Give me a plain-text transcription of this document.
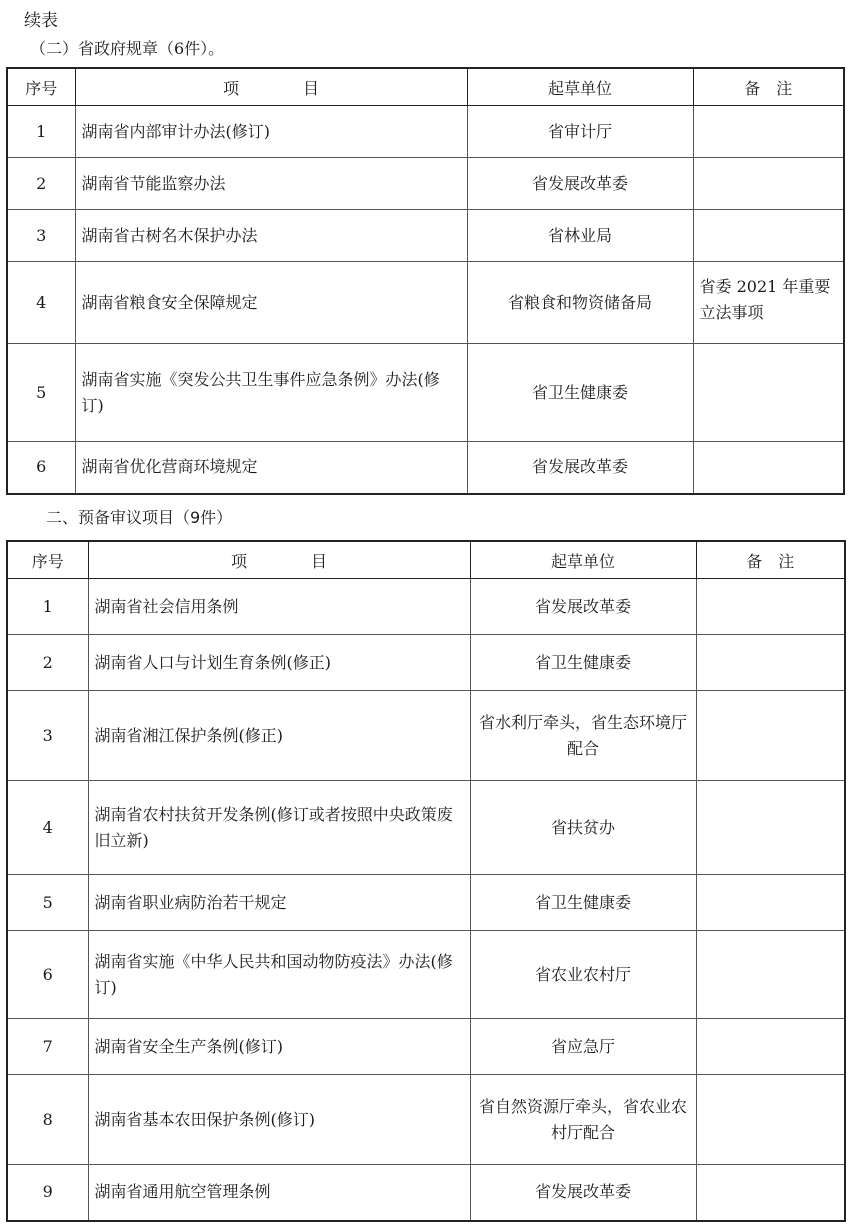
续表
（二）省政府规章（6件）。
序号	项　　　　目	起草单位	备　注
1	湖南省内部审计办法(修订)	省审计厅	
2	湖南省节能监察办法	省发展改革委	
3	湖南省古树名木保护办法	省林业局	
4	湖南省粮食安全保障规定	省粮食和物资储备局	省委 2021 年重要立法事项
5	湖南省实施《突发公共卫生事件应急条例》办法(修订)	省卫生健康委	
6	湖南省优化营商环境规定	省发展改革委	
二、预备审议项目（9件）
序号	项　　　　目	起草单位	备　注
1	湖南省社会信用条例	省发展改革委	
2	湖南省人口与计划生育条例(修正)	省卫生健康委	
3	湖南省湘江保护条例(修正)	省水利厅牵头，省生态环境厅配合	
4	湖南省农村扶贫开发条例(修订或者按照中央政策废旧立新)	省扶贫办	
5	湖南省职业病防治若干规定	省卫生健康委	
6	湖南省实施《中华人民共和国动物防疫法》办法(修订)	省农业农村厅	
7	湖南省安全生产条例(修订)	省应急厅	
8	湖南省基本农田保护条例(修订)	省自然资源厅牵头，省农业农村厅配合	
9	湖南省通用航空管理条例	省发展改革委	
